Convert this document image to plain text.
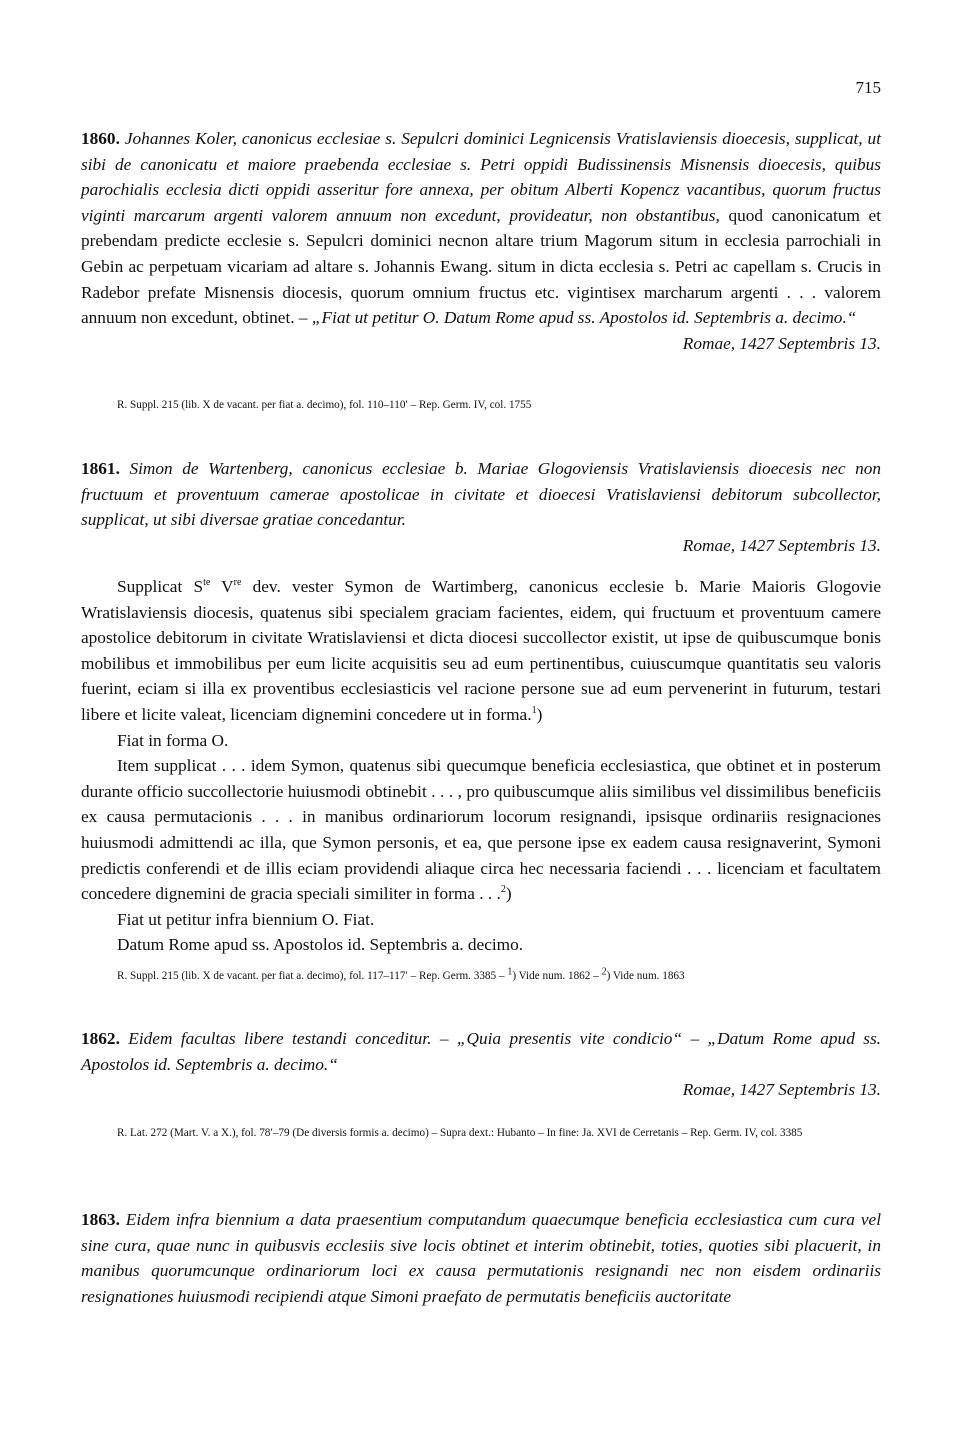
715

1860. Johannes Koler, canonicus ecclesiae s. Sepulcri dominici Legnicensis Vratislaviensis dioecesis, supplicat, ut sibi de canonicatu et maiore praebenda ecclesiae s. Petri oppidi Budissinensis Misnensis dioecesis, quibus parochialis ecclesia dicti oppidi asseritur fore annexa, per obitum Alberti Kopencz vacantibus, quorum fructus viginti marcarum argenti valorem annuum non excedunt, provideatur, non obstantibus, quod canonicatum et prebendam predicte ecclesie s. Sepulcri dominici necnon altare trium Magorum situm in ecclesia parrochiali in Gebin ac perpetuam vicariam ad altare s. Johannis Ewang. situm in dicta ecclesia s. Petri ac capellam s. Crucis in Radebor prefate Misnensis diocesis, quorum omnium fructus etc. vigintisex marcharum argenti . . . valorem annuum non excedunt, obtinet. – „Fiat ut petitur O. Datum Rome apud ss. Apostolos id. Septembris a. decimo.“

Romae, 1427 Septembris 13.

R. Suppl. 215 (lib. X de vacant. per fiat a. decimo), fol. 110–110′ – Rep. Germ. IV, col. 1755

1861. Simon de Wartenberg, canonicus ecclesiae b. Mariae Glogoviensis Vratislaviensis dioecesis nec non fructuum et proventuum camerae apostolicae in civitate et dioecesi Vratislaviensi debitorum subcollector, supplicat, ut sibi diversae gratiae concedantur.

Romae, 1427 Septembris 13.

Supplicat $S^{te}$ Vre dev. vester Symon de Wartimberg, canonicus ecclesie b. Marie Maioris Glogovie Wratislaviensis diocesis, quatenus sibi specialem graciam facientes, eidem, qui fructuum et proventuum camere apostolice debitorum in civitate Wratislaviensi et dicta diocesi succollector existit, ut ipse de quibuscumque bonis mobilibus et immobilibus per eum licite acquisitis seu ad eum pertinentibus, cuiuscumque quantitatis seu valoris fuerint, eciam si illa ex proventibus ecclesiasticis vel racione persone sue ad eum pervenerint in futurum, testari libere et licite valeat, licenciam dignemini concedere ut in forma.$^1$)

Fiat in forma O.

Item supplicat . . . idem Symon, quatenus sibi quecumque beneficia ecclesiastica, que obtinet et in posterum durante officio succollectorie huiusmodi obtinebit . . . , pro quibuscumque aliis similibus vel dissimilibus beneficiis ex causa permutacionis . . . in manibus ordinariorum locorum resignandi, ipsisque ordinariis resignaciones huiusmodi admittendi ac illa, que Symon personis, et ea, que persone ipse ex eadem causa resignaverint, Symoni predictis conferendi et de illis eciam providendi aliaque circa hec necessaria faciendi . . . licenciam et facultatem concedere dignemini de gracia speciali similiter in forma . . .$^2$)

Fiat ut petitur infra biennium O. Fiat.

Datum Rome apud ss. Apostolos id. Septembris a. decimo.

R. Suppl. 215 (lib. X de vacant. per fiat a. decimo), fol. 117–117′ – Rep. Germ. 3385 – $^1$) Vide num. 1862 – $^2$) Vide num. 1863

1862. Eidem facultas libere testandi conceditur. – „Quia presentis vite condicio“ – „Datum Rome apud ss. Apostolos id. Septembris a. decimo.“

Romae, 1427 Septembris 13.

R. Lat. 272 (Mart. V. a X.), fol. 78′–79 (De diversis formis a. decimo) – Supra dext.: Hubanto – In fine: Ja. XVI de Cerretanis – Rep. Germ. IV, col. 3385

1863. Eidem infra biennium a data praesentium computandum quaecumque beneficia ecclesiastica cum cura vel sine cura, quae nunc in quibusvis ecclesiis sive locis obtinet et interim obtinebit, toties, quoties sibi placuerit, in manibus quorumcunque ordinariorum loci ex causa permutationis resignandi nec non eisdem ordinariis resignationes huiusmodi recipiendi atque Simoni praefato de permutatis beneficiis auctoritate
